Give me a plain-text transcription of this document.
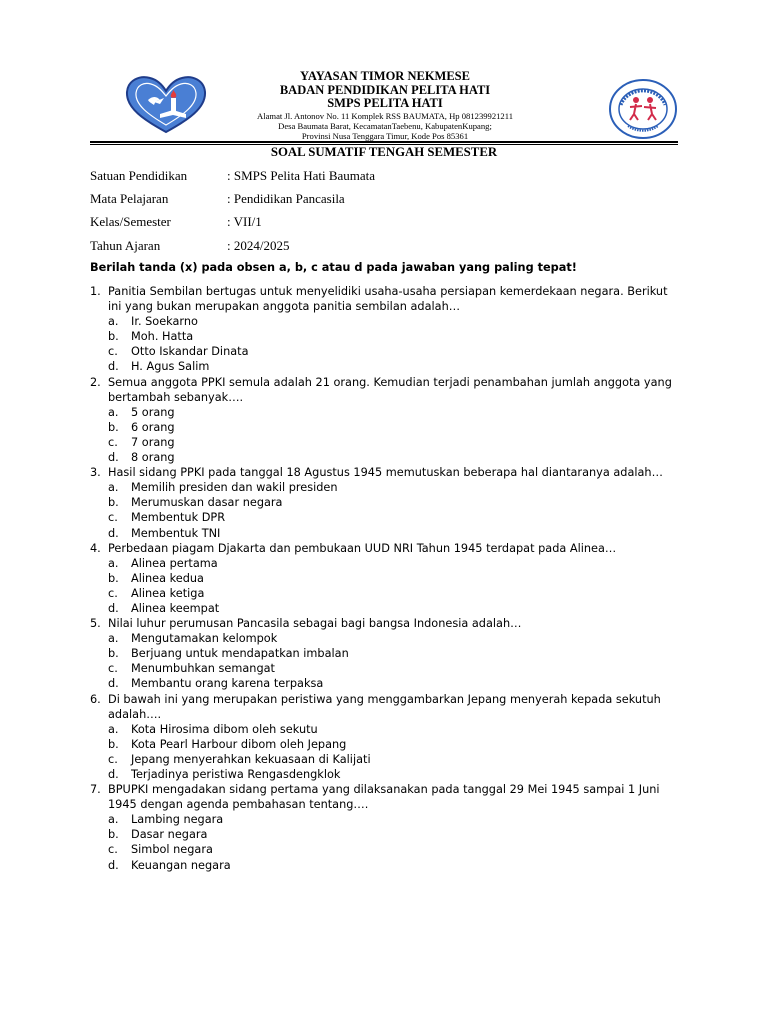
YAYASAN TIMOR NEKMESE
BADAN PENDIDIKAN PELITA HATI
SMPS PELITA HATI
Alamat Jl. Antonov No. 11 Komplek RSS BAUMATA, Hp 081239921211
Desa Baumata Barat, KecamatanTaebenu, KabupatenKupang;
Provinsi Nusa Tenggara Timur, Kode Pos 85361
SOAL SUMATIF TENGAH SEMESTER
Satuan Pendidikan	: SMPS Pelita Hati Baumata
Mata Pelajaran	: Pendidikan Pancasila
Kelas/Semester	: VII/1
Tahun Ajaran	: 2024/2025
Berilah tanda (x) pada obsen a, b, c atau d pada jawaban yang paling tepat!
1. Panitia Sembilan bertugas untuk menyelidiki usaha-usaha persiapan kemerdekaan negara. Berikut ini yang bukan merupakan anggota panitia sembilan adalah…
a. Ir. Soekarno
b. Moh. Hatta
c. Otto Iskandar Dinata
d. H. Agus Salim
2. Semua anggota PPKI semula adalah 21 orang. Kemudian terjadi penambahan jumlah anggota yang bertambah sebanyak….
a. 5 orang
b. 6 orang
c. 7 orang
d. 8 orang
3. Hasil sidang PPKI pada tanggal 18 Agustus 1945 memutuskan beberapa hal diantaranya adalah…
a. Memilih presiden dan wakil presiden
b. Merumuskan dasar negara
c. Membentuk DPR
d. Membentuk TNI
4. Perbedaan piagam Djakarta dan pembukaan UUD NRI Tahun 1945 terdapat pada Alinea…
a. Alinea pertama
b. Alinea kedua
c. Alinea ketiga
d. Alinea keempat
5. Nilai luhur perumusan Pancasila sebagai bagi bangsa Indonesia adalah…
a. Mengutamakan kelompok
b. Berjuang untuk mendapatkan imbalan
c. Menumbuhkan semangat
d. Membantu orang karena terpaksa
6. Di bawah ini yang merupakan peristiwa yang menggambarkan Jepang menyerah kepada sekutuh adalah….
a. Kota Hirosima dibom oleh sekutu
b. Kota Pearl Harbour dibom oleh Jepang
c. Jepang menyerahkan kekuasaan di Kalijati
d. Terjadinya peristiwa Rengasdengklok
7. BPUPKI mengadakan sidang pertama yang dilaksanakan pada tanggal 29 Mei 1945 sampai 1 Juni 1945 dengan agenda pembahasan tentang….
a. Lambing negara
b. Dasar negara
c. Simbol negara
d. Keuangan negara
